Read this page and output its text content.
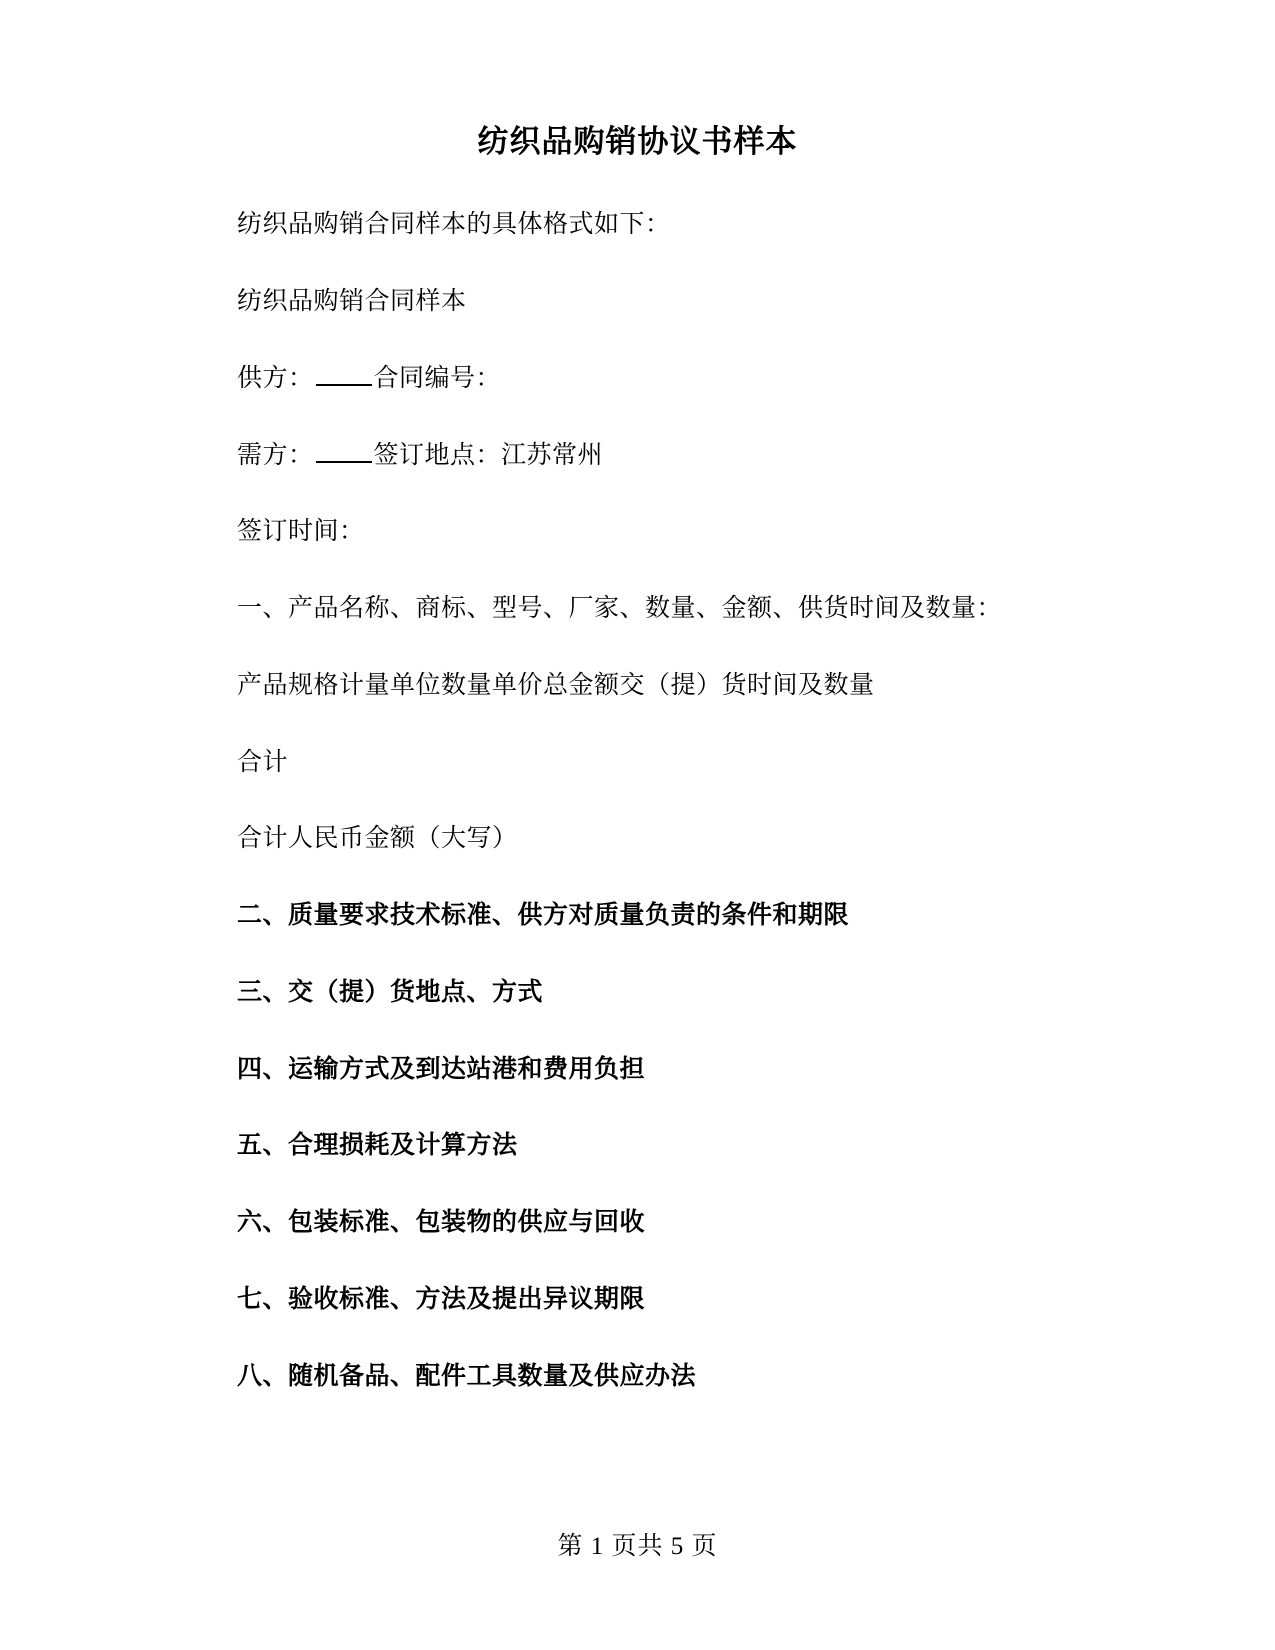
纺织品购销协议书样本

纺织品购销合同样本的具体格式如下：

纺织品购销合同样本

供方： 合同编号：

需方： 签订地点：江苏常州

签订时间：

一、产品名称、商标、型号、厂家、数量、金额、供货时间及数量：

产品规格计量单位数量单价总金额交（提）货时间及数量

合计

合计人民币金额（大写）

二、质量要求技术标准、供方对质量负责的条件和期限

三、交（提）货地点、方式

四、运输方式及到达站港和费用负担

五、合理损耗及计算方法

六、包装标准、包装物的供应与回收

七、验收标准、方法及提出异议期限

八、随机备品、配件工具数量及供应办法

第 1 页共 5 页
